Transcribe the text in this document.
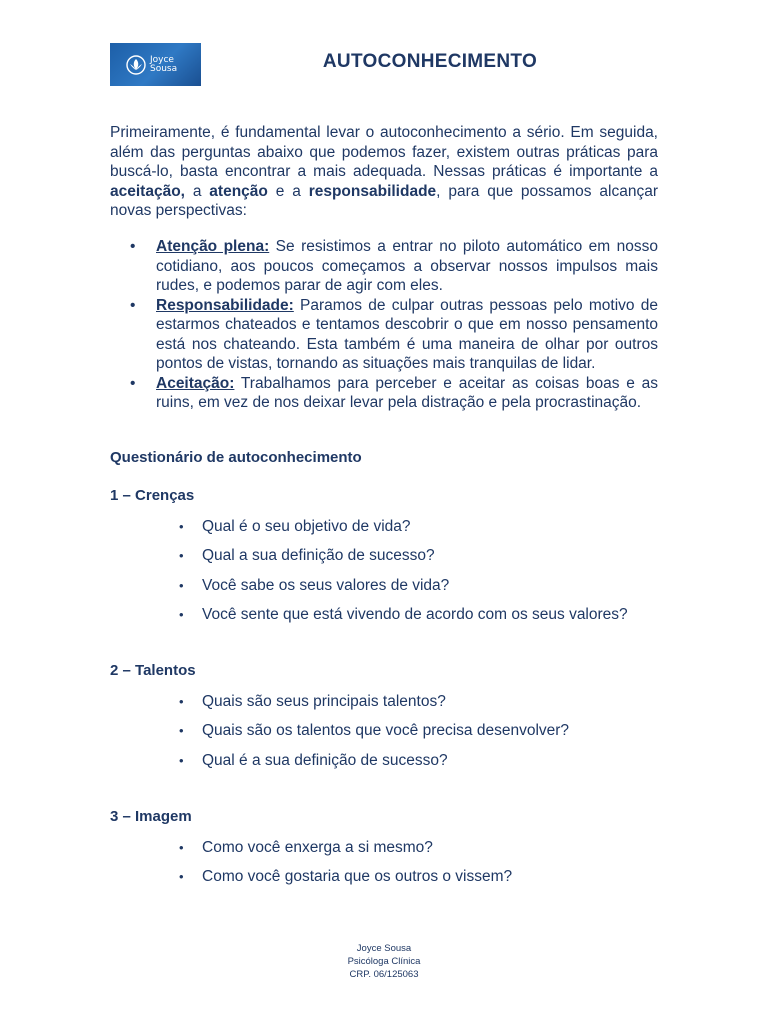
Joyce
Sousa	AUTOCONHECIMENTO

Primeiramente, é fundamental levar o autoconhecimento a sério. Em seguida, além das perguntas abaixo que podemos fazer, existem outras práticas para buscá-lo, basta encontrar a mais adequada. Nessas práticas é importante a aceitação, a atenção e a responsabilidade, para que possamos alcançar novas perspectivas:

• Atenção plena: Se resistimos a entrar no piloto automático em nosso cotidiano, aos poucos começamos a observar nossos impulsos mais rudes, e podemos parar de agir com eles.
• Responsabilidade: Paramos de culpar outras pessoas pelo motivo de estarmos chateados e tentamos descobrir o que em nosso pensamento está nos chateando. Esta também é uma maneira de olhar por outros pontos de vistas, tornando as situações mais tranquilas de lidar.
• Aceitação: Trabalhamos para perceber e aceitar as coisas boas e as ruins, em vez de nos deixar levar pela distração e pela procrastinação.
Questionário de autoconhecimento
1 – Crenças
• Qual é o seu objetivo de vida?
• Qual a sua definição de sucesso?
• Você sabe os seus valores de vida?
• Você sente que está vivendo de acordo com os seus valores?
2 – Talentos
• Quais são seus principais talentos?
• Quais são os talentos que você precisa desenvolver?
• Qual é a sua definição de sucesso?
3 – Imagem
• Como você enxerga a si mesmo?
• Como você gostaria que os outros o vissem?
Joyce Sousa
Psicóloga Clínica
CRP. 06/125063
